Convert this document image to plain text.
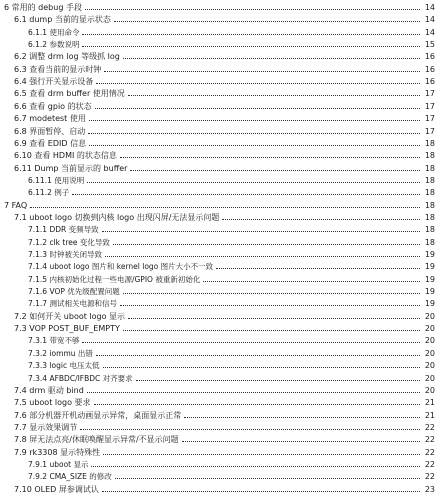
6 常用的 debug 手段	14
6.1 dump 当前的显示状态	14
6.1.1 使用命令	14
6.1.2 参数说明	15
6.2 调整 drm log 等级抓 log	16
6.3 查看当前的显示时钟	16
6.4 强行开关显示设备	16
6.5 查看 drm buffer 使用情况	17
6.6 查看 gpio 的状态	17
6.7 modetest 使用	17
6.8 界面暂停、启动	17
6.9 查看 EDID 信息	18
6.10 查看 HDMI 的状态信息	18
6.11 Dump 当前显示的 buffer	18
6.11.1 使用说明	18
6.11.2 例子	18
7 FAQ	18
7.1 uboot logo 切换到内核 logo 出现闪屏/无法显示问题	18
7.1.1 DDR 变频导致	18
7.1.2 clk tree 变化导致	18
7.1.3 时钟被关闭导致	19
7.1.4 uboot logo 图片和 kernel logo 图片大小不一致	19
7.1.5 内核初始化过程一些电源/GPIO 被重新初始化	19
7.1.6 VOP 优先级配置问题	19
7.1.7 测试相关电源和信号	19
7.2 如何开关 uboot logo 显示	20
7.3 VOP POST_BUF_EMPTY	20
7.3.1 带宽不够	20
7.3.2 iommu 出错	20
7.3.3 logic 电压太低	20
7.3.4 AFBDC/IFBDC 对齐要求	20
7.4 drm 驱动 bind	20
7.5 uboot logo 要求	21
7.6 部分机器开机动画显示异常，桌面显示正常	21
7.7 显示效果调节	22
7.8 屏无法点亮/休眠唤醒显示异常/不显示问题	22
7.9 rk3308 显示特殊性	22
7.9.1 uboot 显示	22
7.9.2 CMA_SIZE 的修改	22
7.10 OLED 屏参调试认	23
